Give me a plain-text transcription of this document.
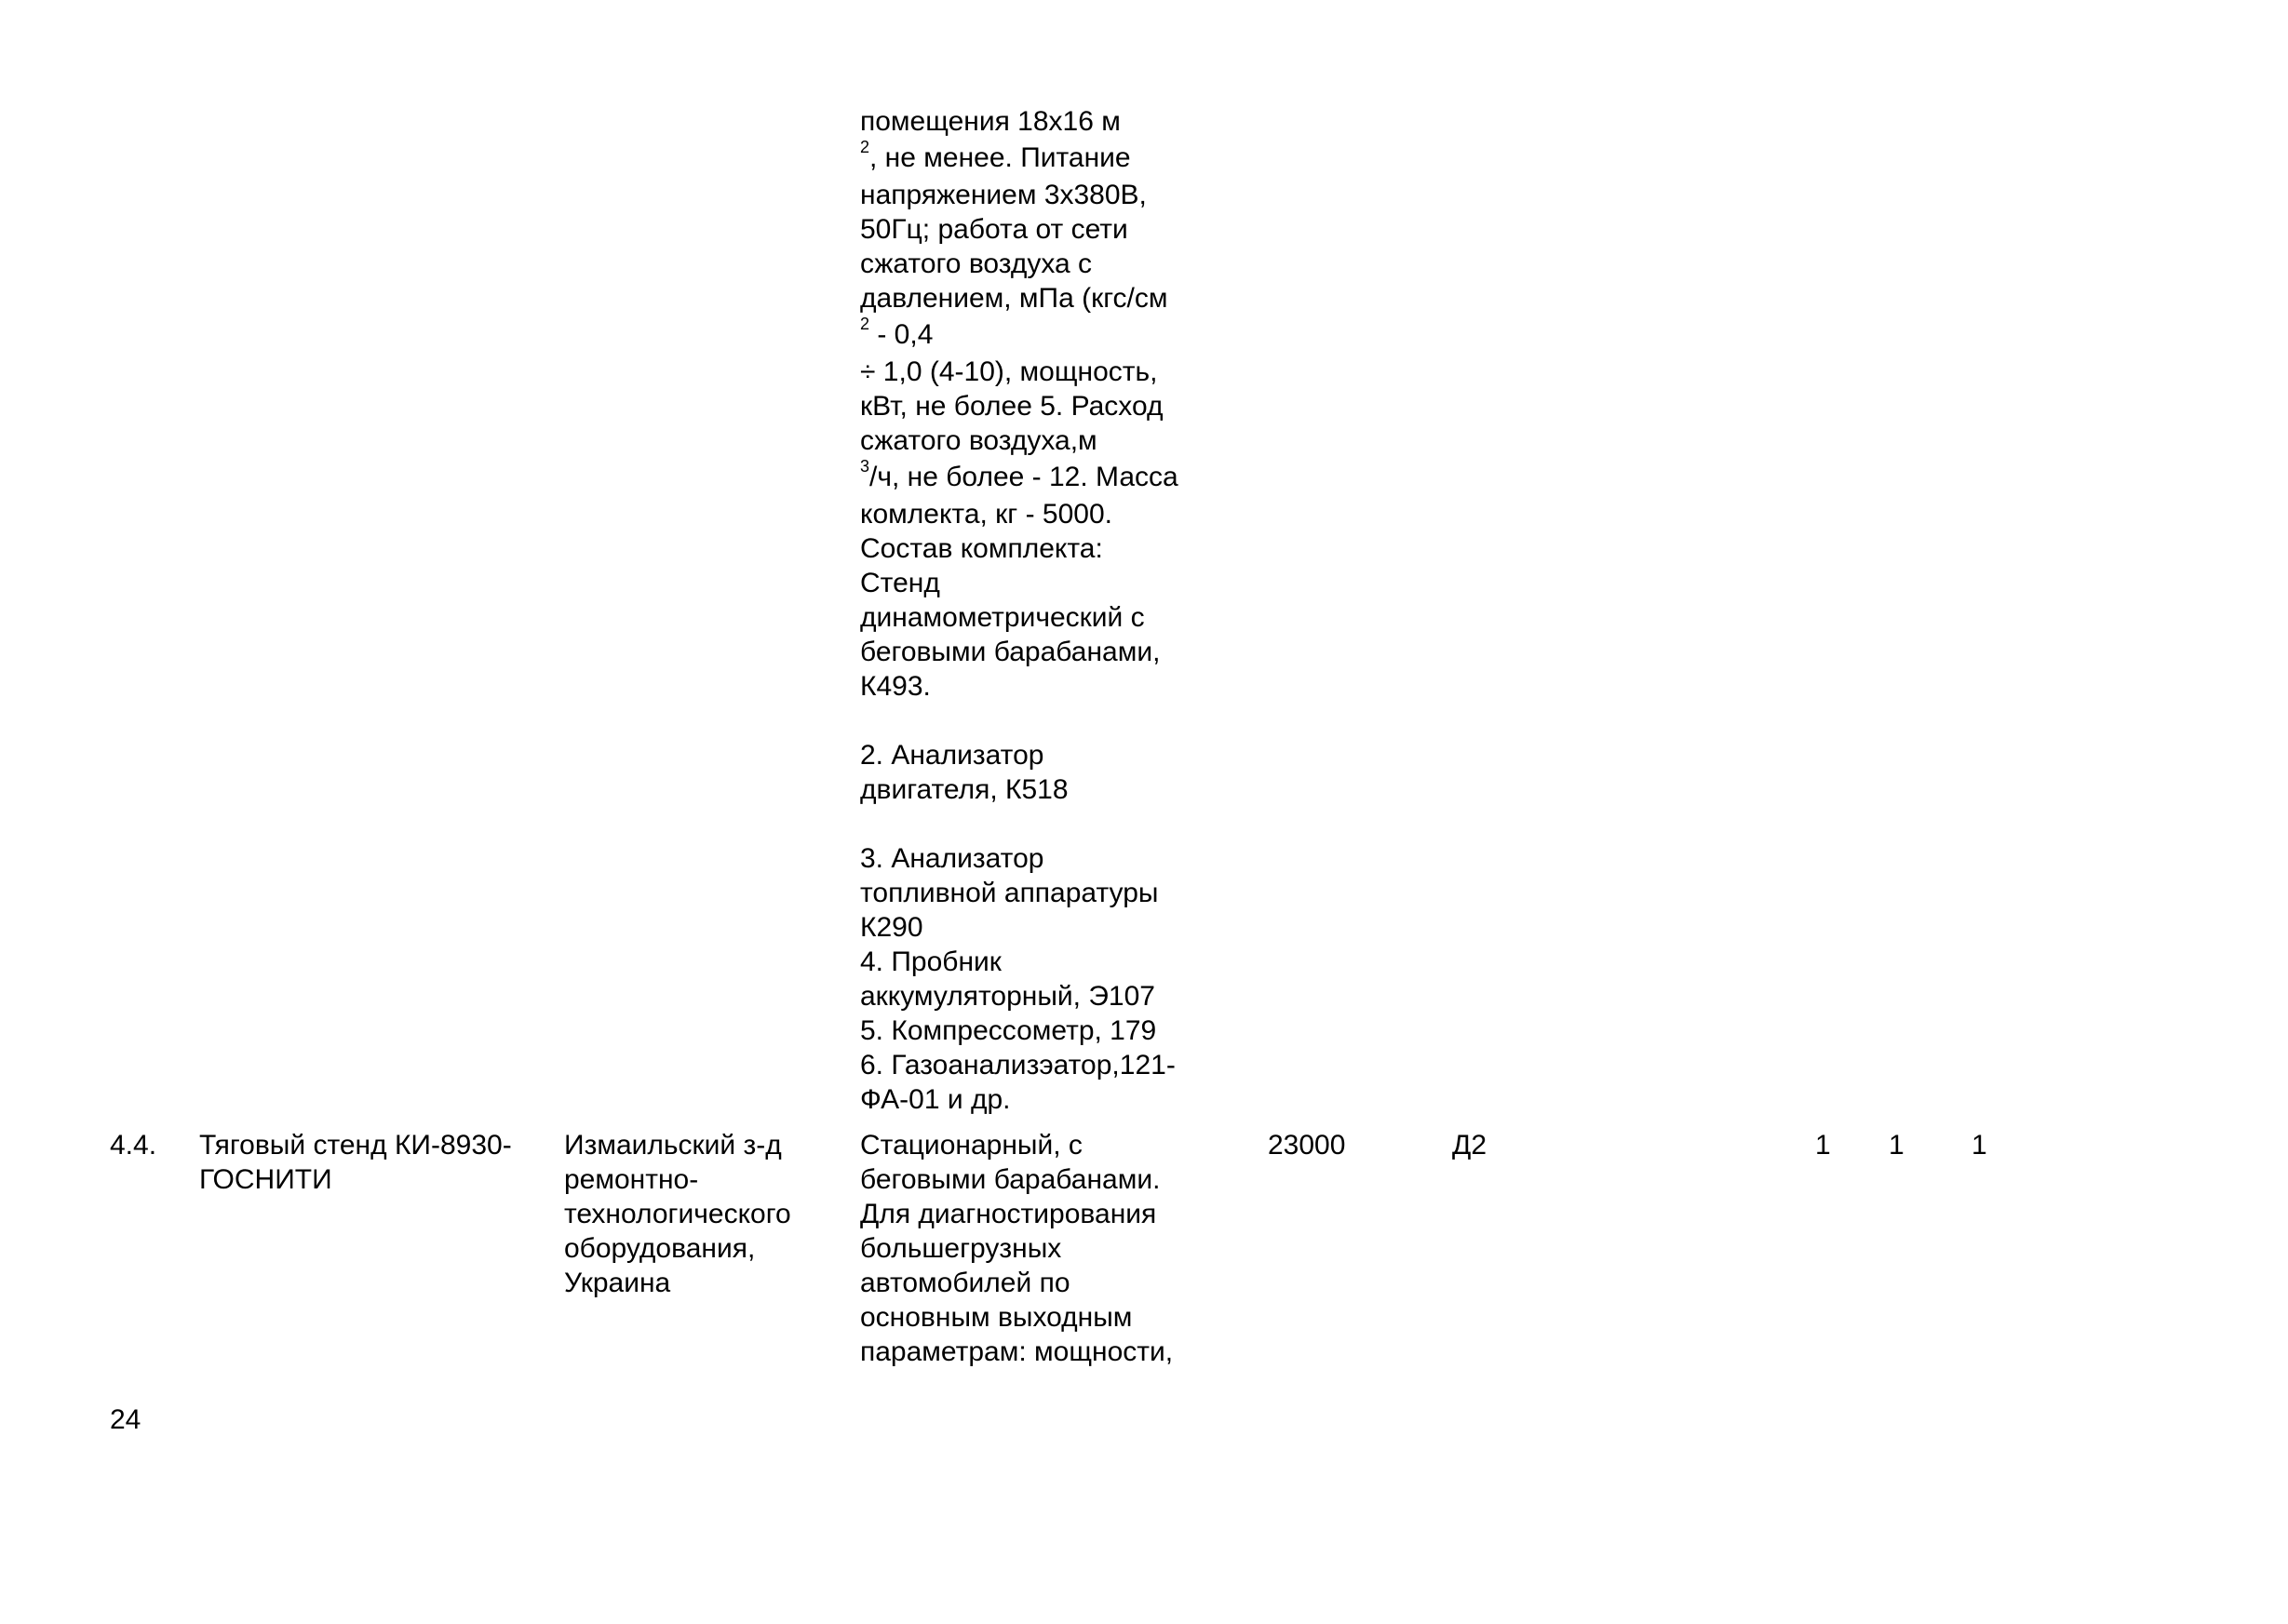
помещения 18х16 м
$^2$, не менее. Питание
напряжением 3х380В,
50Гц; работа от сети
сжатого воздуха с
давлением, мПа (кгс/см
$^2$ - 0,4
÷ 1,0 (4-10), мощность,
кВт, не более 5. Расход
сжатого воздуха,м
$^3$/ч, не более - 12. Масса
комлекта, кг - 5000.
Состав комплекта:
Стенд
динамометрический с
беговыми барабанами,
К493.
2. Анализатор
двигателя, К518
3. Анализатор
топливной аппаратуры
К290
4. Пробник
аккумуляторный, Э107
5. Компрессометр, 179
6. Газоанализэатор,121-
ФА-01 и др.
4.4. Тяговый стенд КИ-8930-
ГОСНИТИ
Измаильский з-д
ремонтно-
технологического
оборудования,
Украина
Стационарный, с
беговыми барабанами.
Для диагностирования
большегрузных
автомобилей по
основным выходным
параметрам: мощности,
23000	Д2	1 1 1
24
